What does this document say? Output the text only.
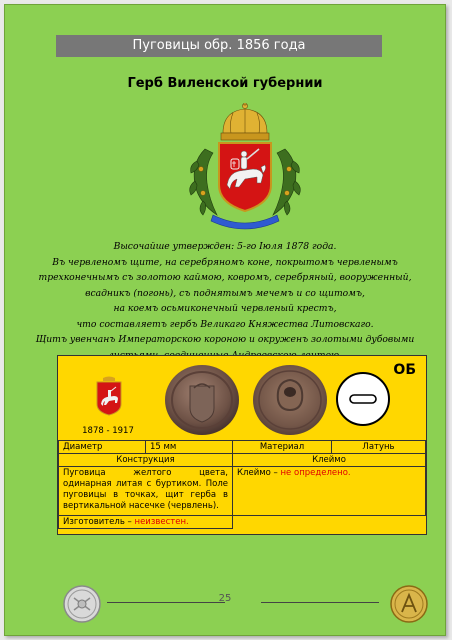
Пуговицы обр. 1856 года
Герб Виленской губернии
Высочайше утвержден: 5-го Іюля 1878 года.
Въ червленомъ щите, на серебряномъ коне, покрытомъ червленымъ
трехконечнымъ съ золотою каймою, ковромъ, серебряный, вооруженный,
всадникъ (погонь), съ поднятымъ мечемъ и со щитомъ,
на коемъ осьмиконечный червленый крестъ,
что составляетъ гербъ Великаго Княжества Литовскаго.
Щитъ увенчанъ Императорскою короною и окруженъ золотыми дубовыми
1878 - 1917
ОБ
Диаметр	15 мм	Материал	Латунь
Конструкция		Клеймо	
Пуговица желтого цвета, одинарная литая с буртиком. Поле пуговицы в точках, щит герба в вертикальной насечке (червлень).		Клеймо – не определено.	
Изготовитель – неизвестен.			
25
